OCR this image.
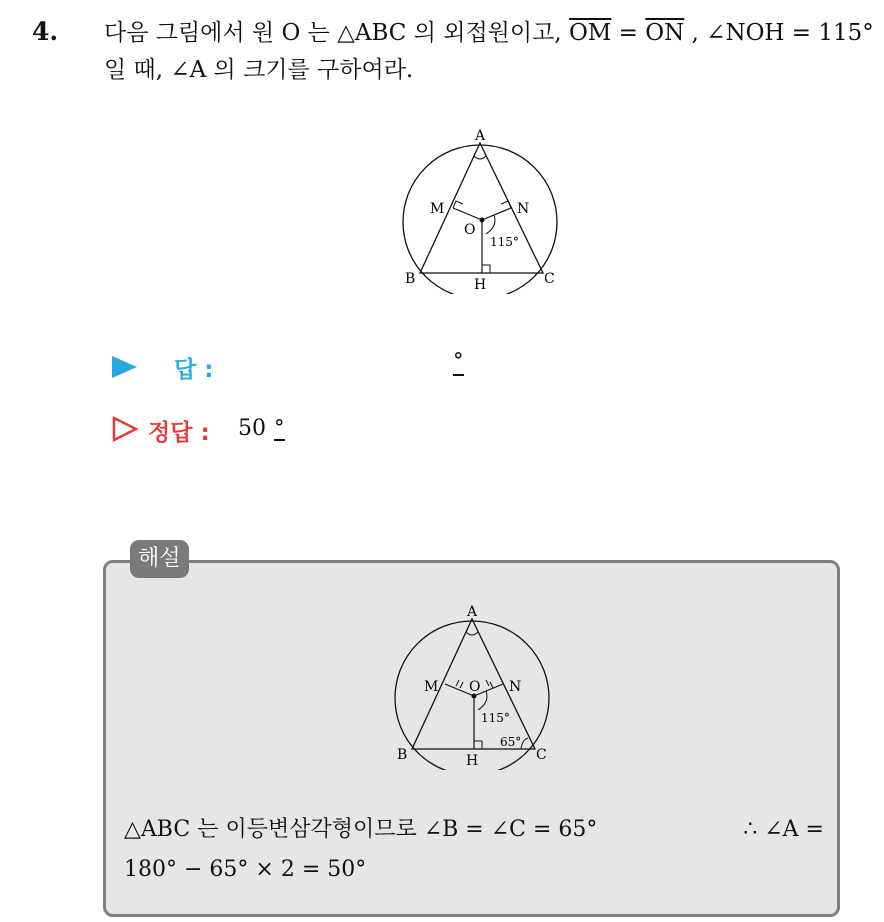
4. 다음 그림에서 원 O 는 △ABC 의 외접원이고, $\overline{OM} = \overline{ON}$ , ∠NOH = 115° 일 때, ∠A 의 크기를 구하여라.
A
M	N
O
115°
B	H	C
답 :	°
정답 : 50 °
해설
A
M	N
O
115°
65°
B	H	C
△ABC 는 이등변삼각형이므로 ∠B = ∠C = 65°	∴ ∠A =
180° − 65° × 2 = 50°
